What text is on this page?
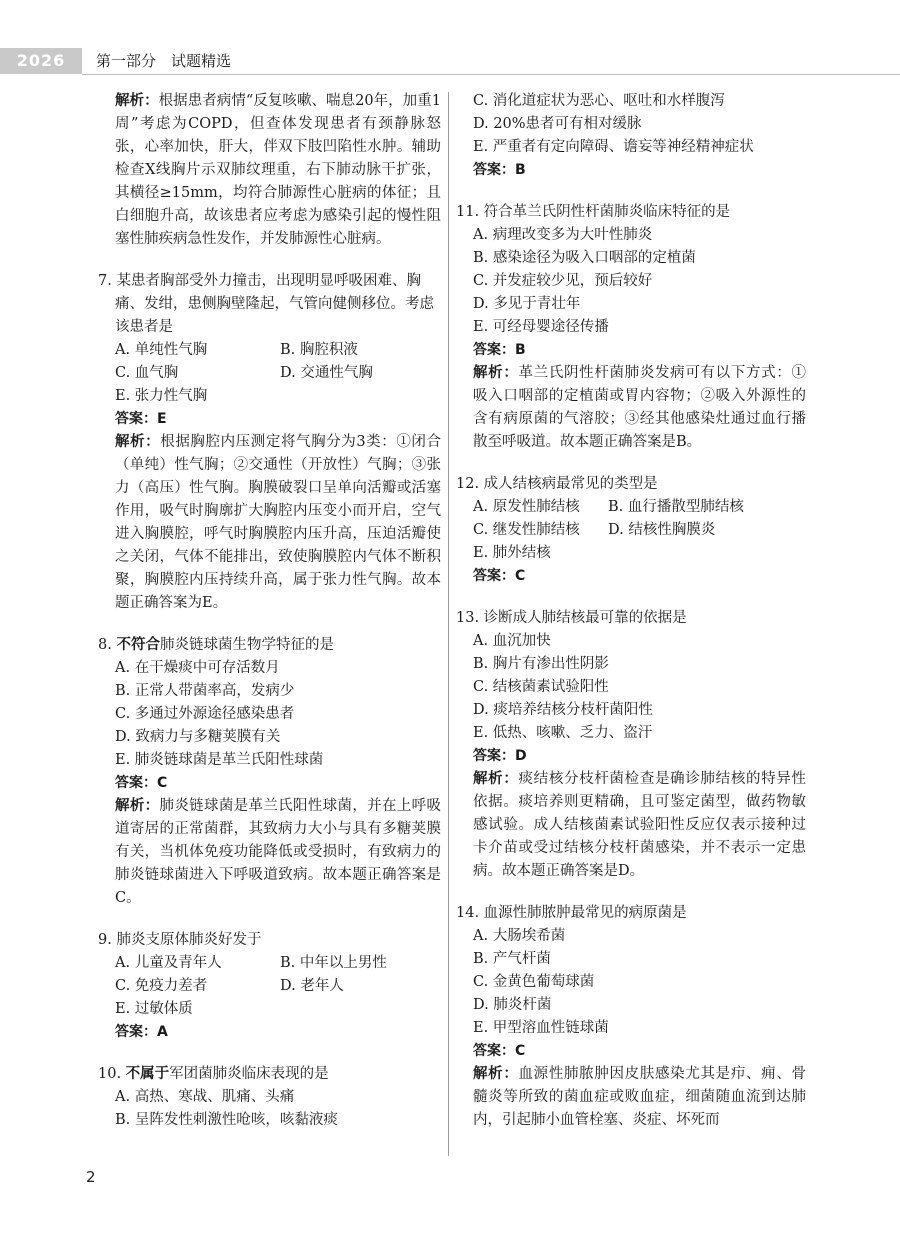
2026	第一部分　试题精选

解析：根据患者病情“反复咳嗽、喘息20年，加重1周”考虑为COPD，但查体发现患者有颈静脉怒张，心率加快，肝大，伴双下肢凹陷性水肿。辅助检查X线胸片示双肺纹理重，右下肺动脉干扩张，其横径≥15mm，均符合肺源性心脏病的体征；且白细胞升高，故该患者应考虑为感染引起的慢性阻塞性肺疾病急性发作，并发肺源性心脏病。

7. 某患者胸部受外力撞击，出现明显呼吸困难、胸痛、发绀，患侧胸壁隆起，气管向健侧移位。考虑该患者是

A. 单纯性气胸	B. 胸腔积液
C. 血气胸	D. 交通性气胸
E. 张力性气胸
答案：E

解析：根据胸腔内压测定将气胸分为3类：①闭合（单纯）性气胸；②交通性（开放性）气胸；③张力（高压）性气胸。胸膜破裂口呈单向活瓣或活塞作用，吸气时胸廓扩大胸腔内压变小而开启，空气进入胸膜腔，呼气时胸膜腔内压升高，压迫活瓣使之关闭，气体不能排出，致使胸膜腔内气体不断积聚，胸膜腔内压持续升高，属于张力性气胸。故本题正确答案为E。

8. 不符合肺炎链球菌生物学特征的是

A. 在干燥痰中可存活数月
B. 正常人带菌率高，发病少
C. 多通过外源途径感染患者
D. 致病力与多糖荚膜有关
E. 肺炎链球菌是革兰氏阳性球菌
答案：C

解析：肺炎链球菌是革兰氏阳性球菌，并在上呼吸道寄居的正常菌群，其致病力大小与具有多糖荚膜有关，当机体免疫功能降低或受损时，有致病力的肺炎链球菌进入下呼吸道致病。故本题正确答案是C。

9. 肺炎支原体肺炎好发于

A. 儿童及青年人	B. 中年以上男性
C. 免疫力差者	D. 老年人
E. 过敏体质
答案：A

10. 不属于军团菌肺炎临床表现的是

A. 高热、寒战、肌痛、头痛
B. 呈阵发性刺激性呛咳，咳黏液痰
C. 消化道症状为恶心、呕吐和水样腹泻
D. 20%患者可有相对缓脉
E. 严重者有定向障碍、谵妄等神经精神症状
答案：B

11. 符合革兰氏阴性杆菌肺炎临床特征的是

A. 病理改变多为大叶性肺炎
B. 感染途径为吸入口咽部的定植菌
C. 并发症较少见，预后较好
D. 多见于青壮年
E. 可经母婴途径传播
答案：B

解析：革兰氏阴性杆菌肺炎发病可有以下方式：①吸入口咽部的定植菌或胃内容物；②吸入外源性的含有病原菌的气溶胶；③经其他感染灶通过血行播散至呼吸道。故本题正确答案是B。

12. 成人结核病最常见的类型是

A. 原发性肺结核	B. 血行播散型肺结核
C. 继发性肺结核	D. 结核性胸膜炎
E. 肺外结核
答案：C

13. 诊断成人肺结核最可靠的依据是

A. 血沉加快
B. 胸片有渗出性阴影
C. 结核菌素试验阳性
D. 痰培养结核分枝杆菌阳性
E. 低热、咳嗽、乏力、盗汗
答案：D

解析：痰结核分枝杆菌检查是确诊肺结核的特异性依据。痰培养则更精确，且可鉴定菌型，做药物敏感试验。成人结核菌素试验阳性反应仅表示接种过卡介苗或受过结核分枝杆菌感染，并不表示一定患病。故本题正确答案是D。

14. 血源性肺脓肿最常见的病原菌是

A. 大肠埃希菌
B. 产气杆菌
C. 金黄色葡萄球菌
D. 肺炎杆菌
E. 甲型溶血性链球菌
答案：C

解析：血源性肺脓肿因皮肤感染尤其是疖、痈、骨髓炎等所致的菌血症或败血症，细菌随血流到达肺内，引起肺小血管栓塞、炎症、坏死而

2
